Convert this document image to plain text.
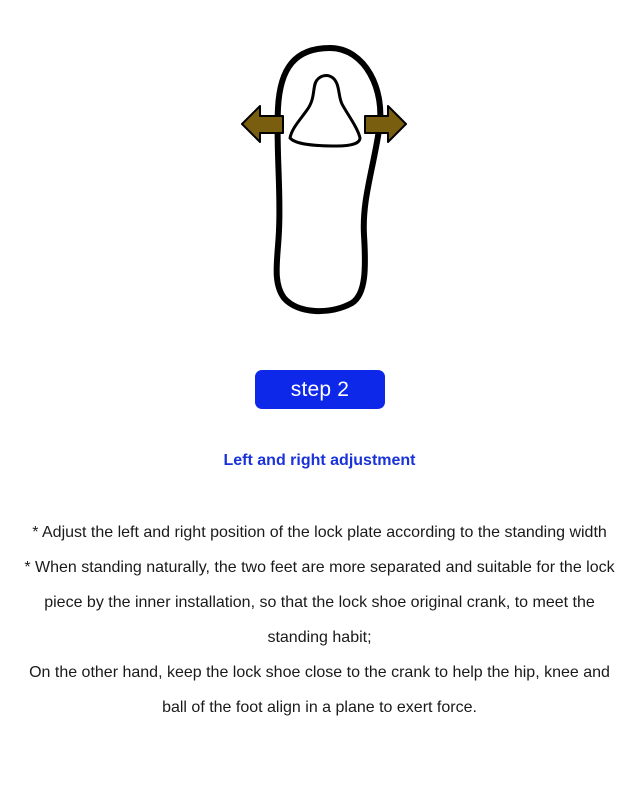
step 2
Left and right adjustment

* Adjust the left and right position of the lock plate according to the standing width

* When standing naturally, the two feet are more separated and suitable for the lock piece by the inner installation, so that the lock shoe original crank, to meet the standing habit;

On the other hand, keep the lock shoe close to the crank to help the hip, knee and ball of the foot align in a plane to exert force.
